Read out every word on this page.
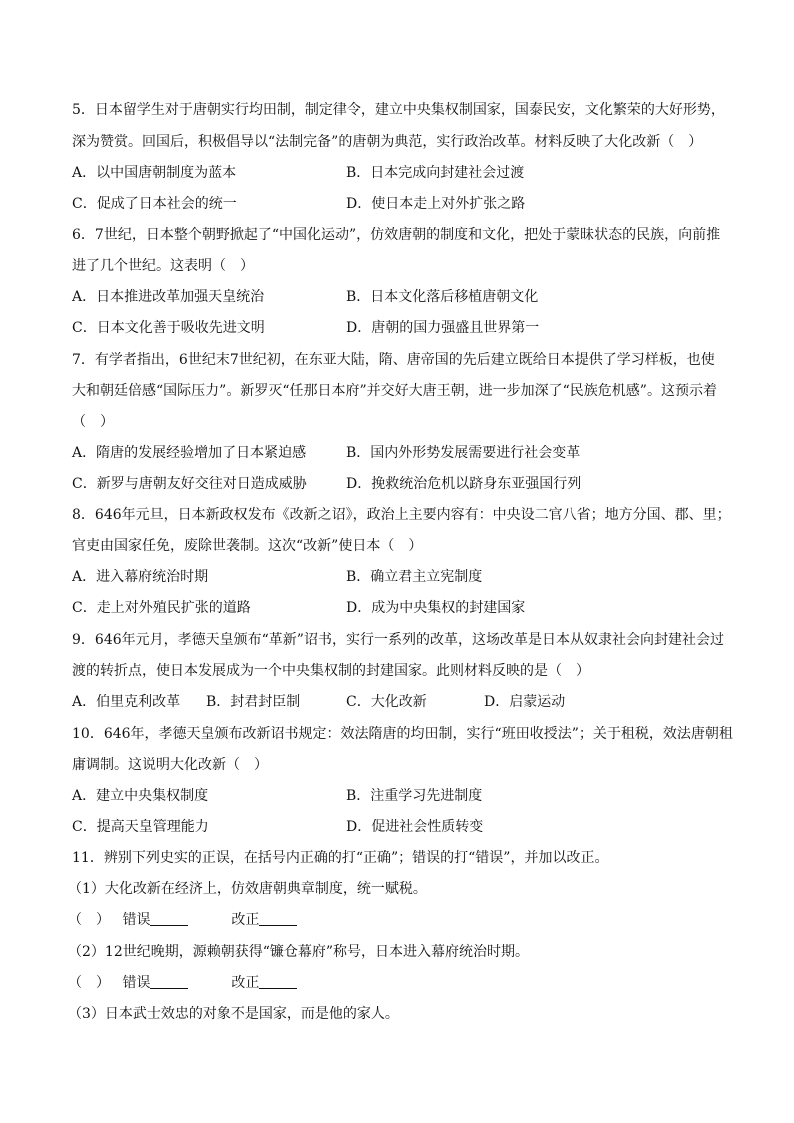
5．日本留学生对于唐朝实行均田制，制定律令，建立中央集权制国家，国泰民安，文化繁荣的大好形势，
深为赞赏。回国后，积极倡导以“法制完备”的唐朝为典范，实行政治改革。材料反映了大化改新（　）
A．以中国唐朝制度为蓝本	B．日本完成向封建社会过渡
C．促成了日本社会的统一	D．使日本走上对外扩张之路
6．7世纪，日本整个朝野掀起了“中国化运动”，仿效唐朝的制度和文化，把处于蒙昧状态的民族，向前推
进了几个世纪。这表明（　）
A．日本推进改革加强天皇统治	B．日本文化落后移植唐朝文化
C．日本文化善于吸收先进文明	D．唐朝的国力强盛且世界第一
7．有学者指出，6世纪末7世纪初，在东亚大陆，隋、唐帝国的先后建立既给日本提供了学习样板，也使
大和朝廷倍感“国际压力”。新罗灭“任那日本府”并交好大唐王朝，进一步加深了“民族危机感”。这预示着
（　）
A．隋唐的发展经验增加了日本紧迫感	B．国内外形势发展需要进行社会变革
C．新罗与唐朝友好交往对日造成威胁	D．挽救统治危机以跻身东亚强国行列
8．646年元旦，日本新政权发布《改新之诏》，政治上主要内容有：中央设二官八省；地方分国、郡、里；
官吏由国家任免，废除世袭制。这次“改新”使日本（　）
A．进入幕府统治时期	B．确立君主立宪制度
C．走上对外殖民扩张的道路	D．成为中央集权的封建国家
9．646年元月，孝德天皇颁布“革新”诏书，实行一系列的改革，这场改革是日本从奴隶社会向封建社会过
渡的转折点，使日本发展成为一个中央集权制的封建国家。此则材料反映的是（　）
A．伯里克利改革 B．封君封臣制	C．大化改新	D．启蒙运动
10．646年，孝德天皇颁布改新诏书规定：效法隋唐的均田制，实行“班田收授法”；关于租税，效法唐朝租
庸调制。这说明大化改新（　）
A．建立中央集权制度	B．注重学习先进制度
C．提高天皇管理能力	D．促进社会性质转变
11．辨别下列史实的正误，在括号内正确的打“正确”；错误的打“错误”，并加以改正。
（1）大化改新在经济上，仿效唐朝典章制度，统一赋税。
（　） 错误	改正
（2）12世纪晚期，源赖朝获得“镰仓幕府”称号，日本进入幕府统治时期。
（　） 错误	改正
（3）日本武士效忠的对象不是国家，而是他的家人。
